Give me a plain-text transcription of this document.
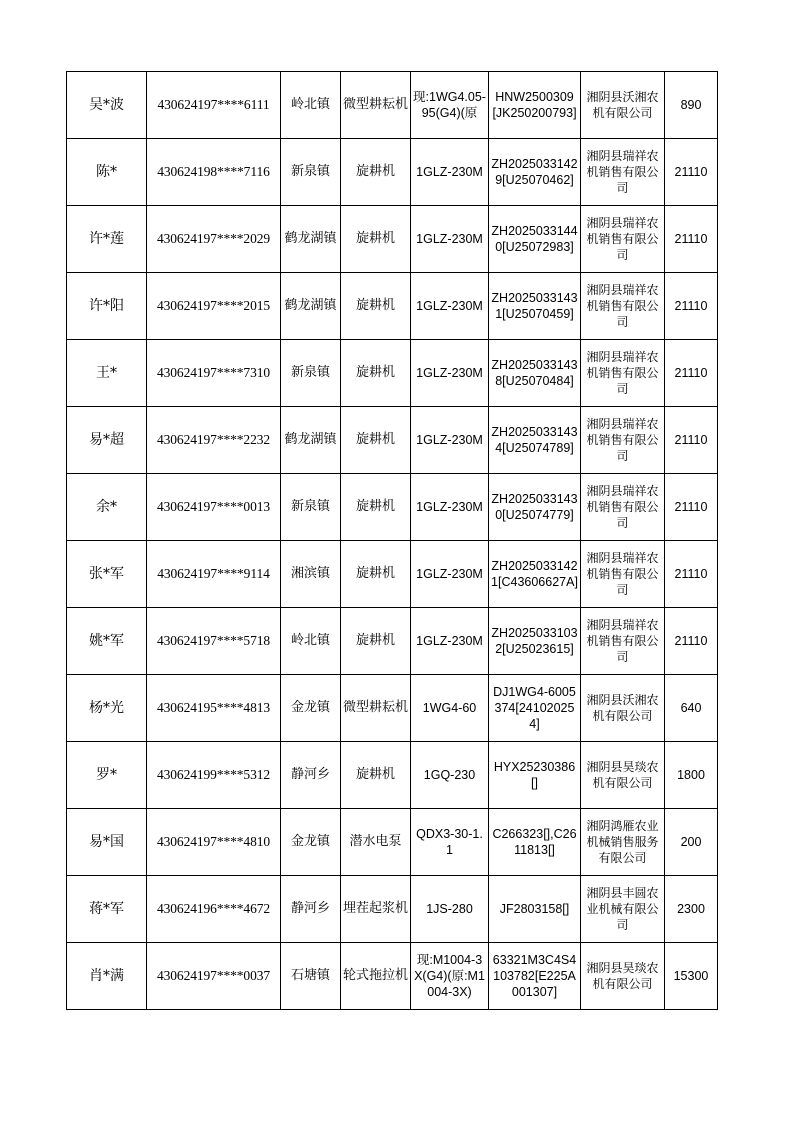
吴*波	430624197****6111	岭北镇	微型耕耘机	现:1WG4.05-95(G4)(原	HNW2500309[JK250200793]	湘阴县沃湘农机有限公司	890
陈*	430624198****7116	新泉镇	旋耕机	1GLZ-230M	ZH20250331429[U25070462]	湘阴县瑞祥农机销售有限公司	21110
许*莲	430624197****2029	鹤龙湖镇	旋耕机	1GLZ-230M	ZH20250331440[U25072983]	湘阴县瑞祥农机销售有限公司	21110
许*阳	430624197****2015	鹤龙湖镇	旋耕机	1GLZ-230M	ZH20250331431[U25070459]	湘阴县瑞祥农机销售有限公司	21110
王*	430624197****7310	新泉镇	旋耕机	1GLZ-230M	ZH20250331438[U25070484]	湘阴县瑞祥农机销售有限公司	21110
易*超	430624197****2232	鹤龙湖镇	旋耕机	1GLZ-230M	ZH20250331434[U25074789]	湘阴县瑞祥农机销售有限公司	21110
余*	430624197****0013	新泉镇	旋耕机	1GLZ-230M	ZH20250331430[U25074779]	湘阴县瑞祥农机销售有限公司	21110
张*军	430624197****9114	湘滨镇	旋耕机	1GLZ-230M	ZH20250331421[C43606627A]	湘阴县瑞祥农机销售有限公司	21110
姚*军	430624197****5718	岭北镇	旋耕机	1GLZ-230M	ZH20250331032[U25023615]	湘阴县瑞祥农机销售有限公司	21110
杨*光	430624195****4813	金龙镇	微型耕耘机	1WG4-60	DJ1WG4-6005374[241020254]	湘阴县沃湘农机有限公司	640
罗*	430624199****5312	静河乡	旋耕机	1GQ-230	HYX25230386[]	湘阴县昊琰农机有限公司	1800
易*国	430624197****4810	金龙镇	潜水电泵	QDX3-30-1.1	C266323[],C2611813[]	湘阴鸿雁农业机械销售服务有限公司	200
蒋*军	430624196****4672	静河乡	埋茬起浆机	1JS-280	JF2803158[]	湘阴县丰圆农业机械有限公司	2300
肖*满	430624197****0037	石塘镇	轮式拖拉机	现:M1004-3X(G4)(原:M1004-3X)	63321M3C4S4103782[E225A001307]	湘阴县昊琰农机有限公司	15300
